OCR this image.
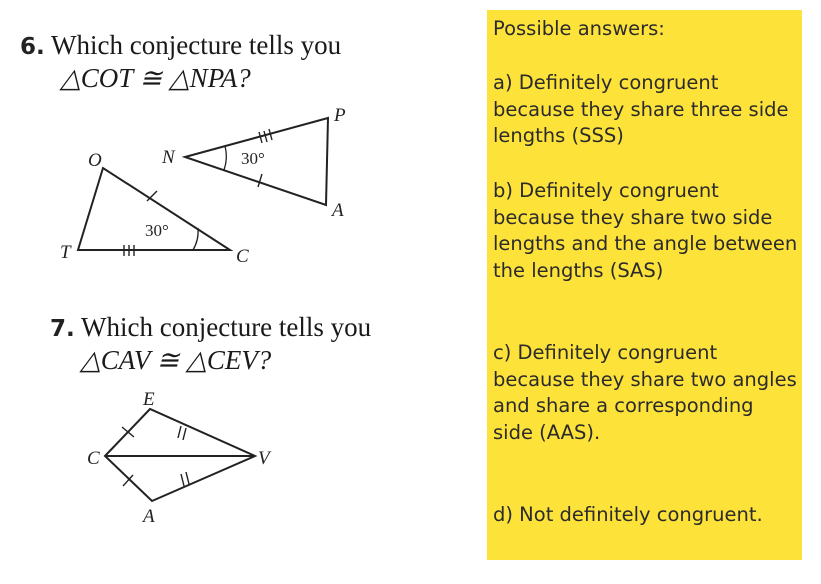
6. Which conjecture tells you
△COT ≅ △NPA?
30°
O
T	C
30°
N
P
A
7. Which conjecture tells you
△CAV ≅ △CEV?
E
C	V
A

Possible answers:

a) Definitely congruent because they share three side lengths (SSS)

b) Definitely congruent because they share two side lengths and the angle between the lengths (SAS)

c) Definitely congruent because they share two angles and share a corresponding side (AAS).

d) Not definitely congruent.
